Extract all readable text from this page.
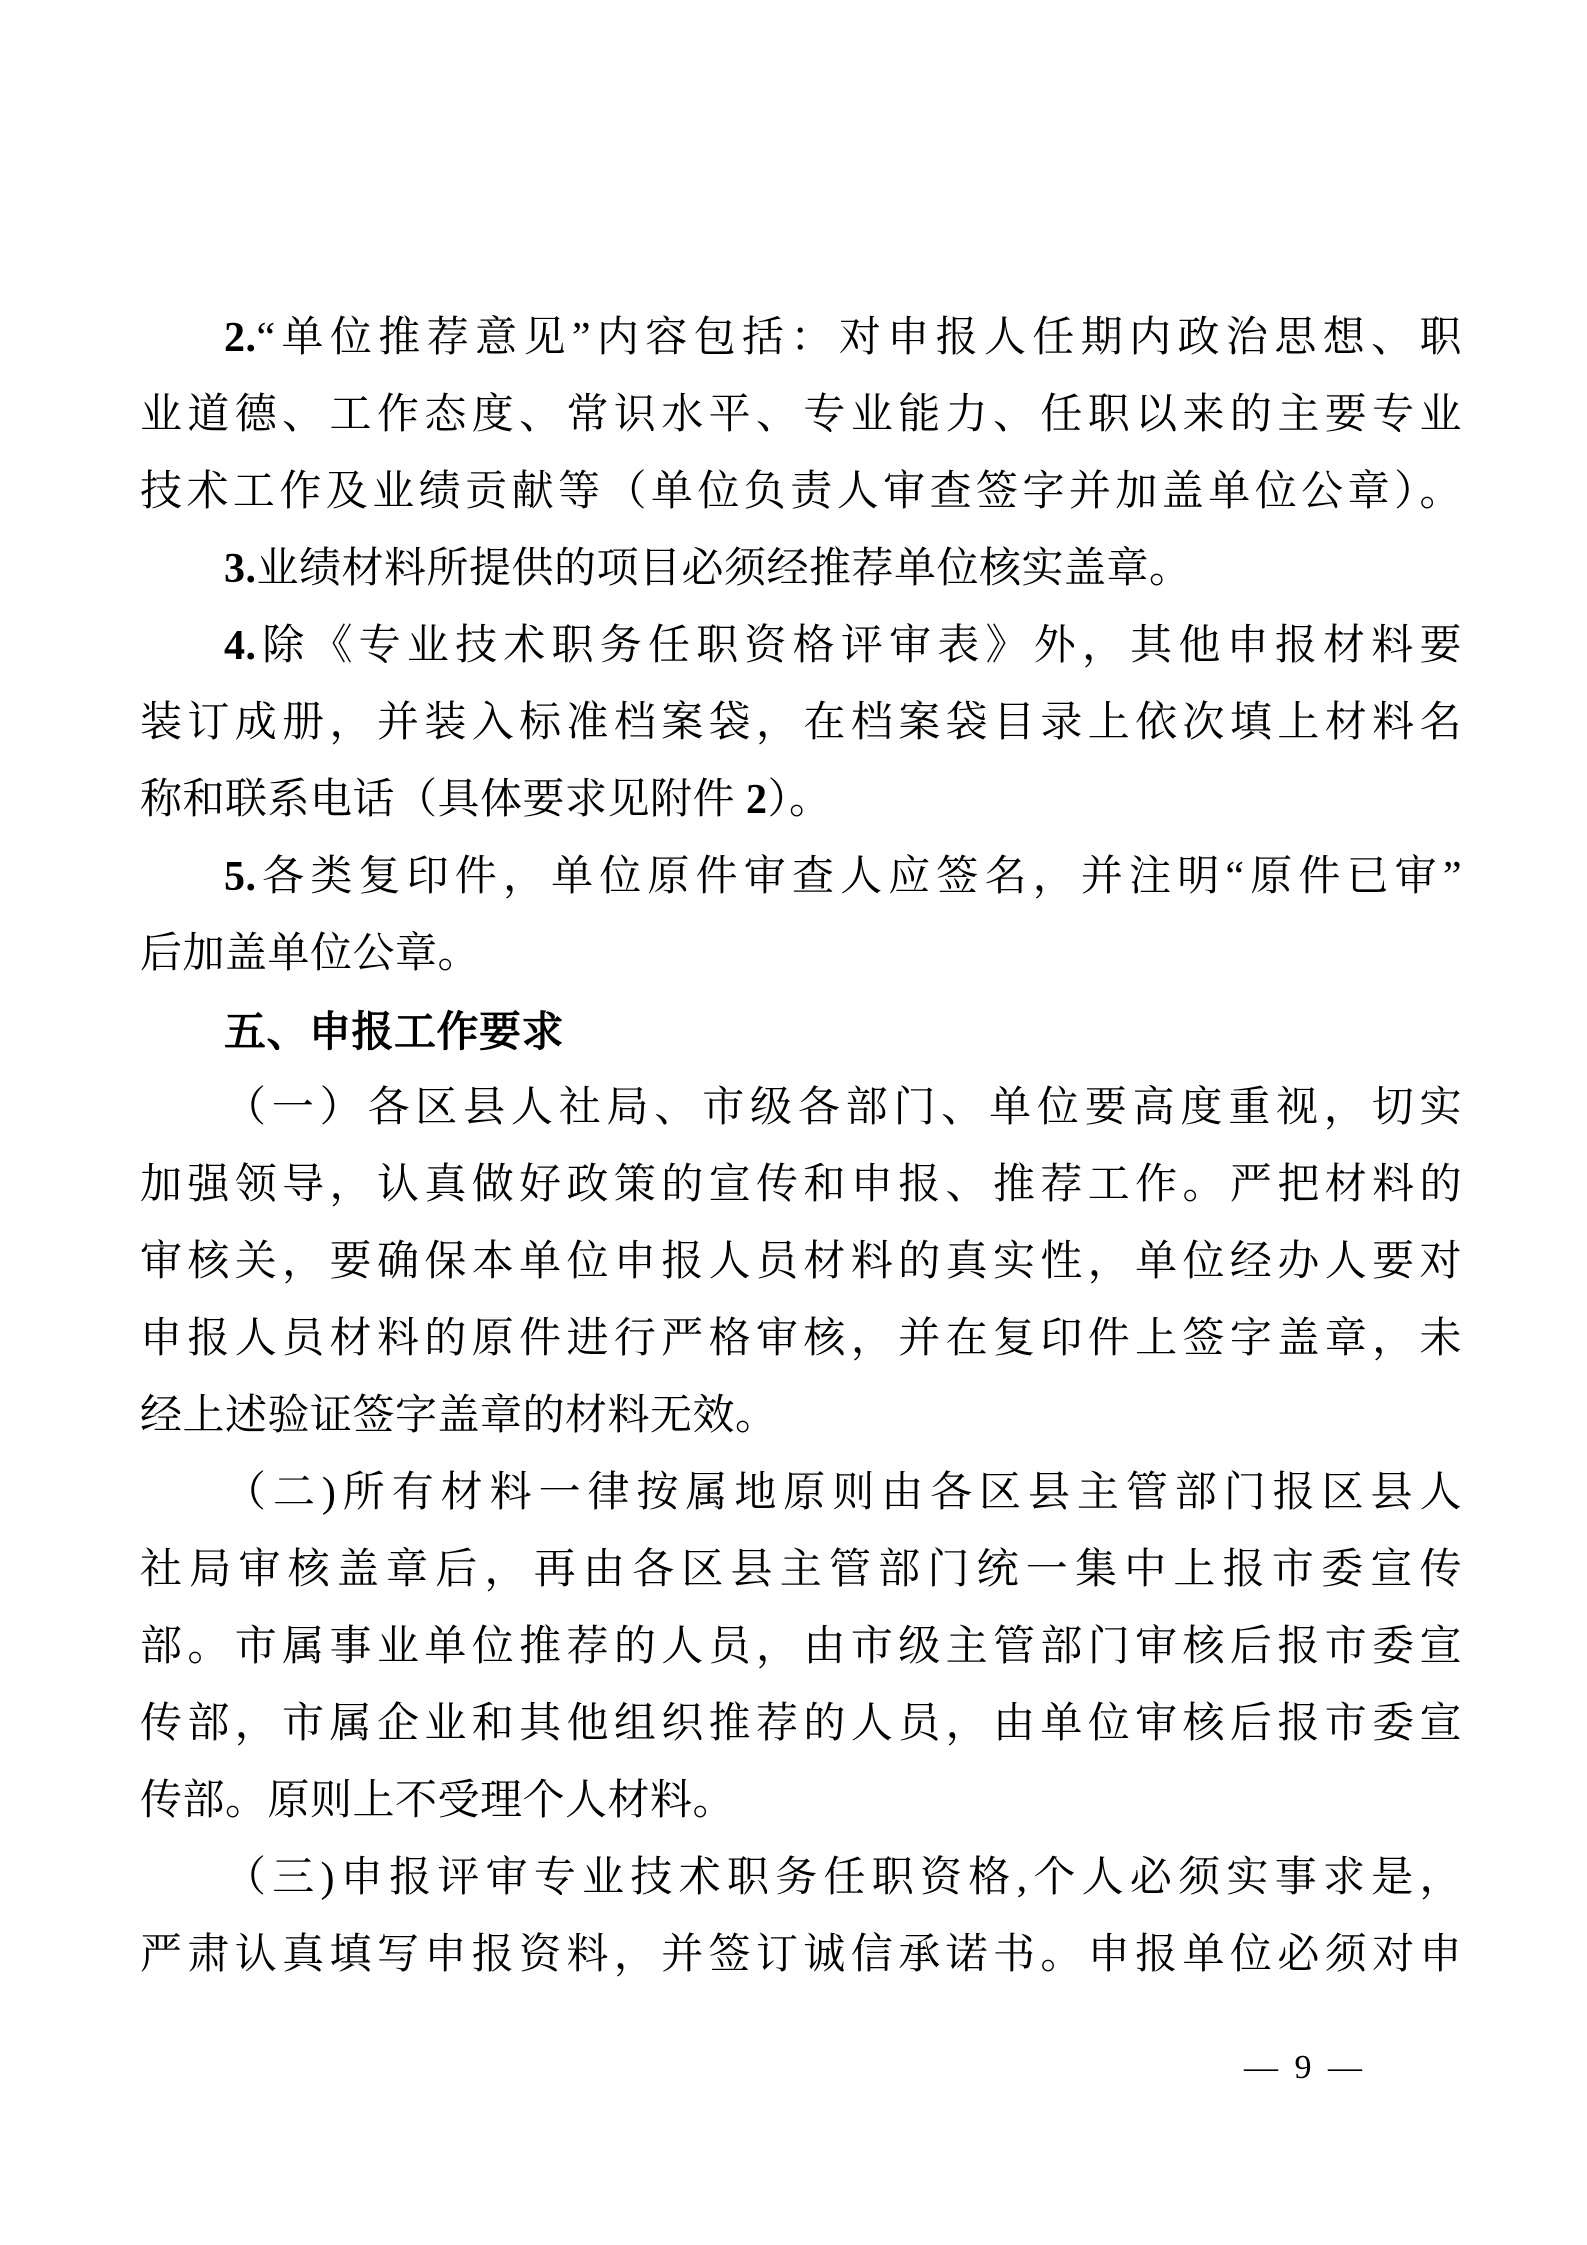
2.“单位推荐意见”内容包括：对申报人任期内政治思想、职
业道德、工作态度、常识水平、专业能力、任职以来的主要专业
技术工作及业绩贡献等（单位负责人审查签字并加盖单位公章）。
3.业绩材料所提供的项目必须经推荐单位核实盖章。
4.除《专业技术职务任职资格评审表》外，其他申报材料要
装订成册，并装入标准档案袋，在档案袋目录上依次填上材料名
称和联系电话（具体要求见附件 2）。
5.各类复印件，单位原件审查人应签名，并注明“原件已审”
后加盖单位公章。
五、申报工作要求
（一）各区县人社局、市级各部门、单位要高度重视，切实
加强领导，认真做好政策的宣传和申报、推荐工作。严把材料的
审核关，要确保本单位申报人员材料的真实性，单位经办人要对
申报人员材料的原件进行严格审核，并在复印件上签字盖章，未
经上述验证签字盖章的材料无效。
（二)所有材料一律按属地原则由各区县主管部门报区县人
社局审核盖章后，再由各区县主管部门统一集中上报市委宣传
部。市属事业单位推荐的人员，由市级主管部门审核后报市委宣
传部，市属企业和其他组织推荐的人员，由单位审核后报市委宣
传部。原则上不受理个人材料。
（三)申报评审专业技术职务任职资格,个人必须实事求是，
严肃认真填写申报资料，并签订诚信承诺书。申报单位必须对申
— 9 —
